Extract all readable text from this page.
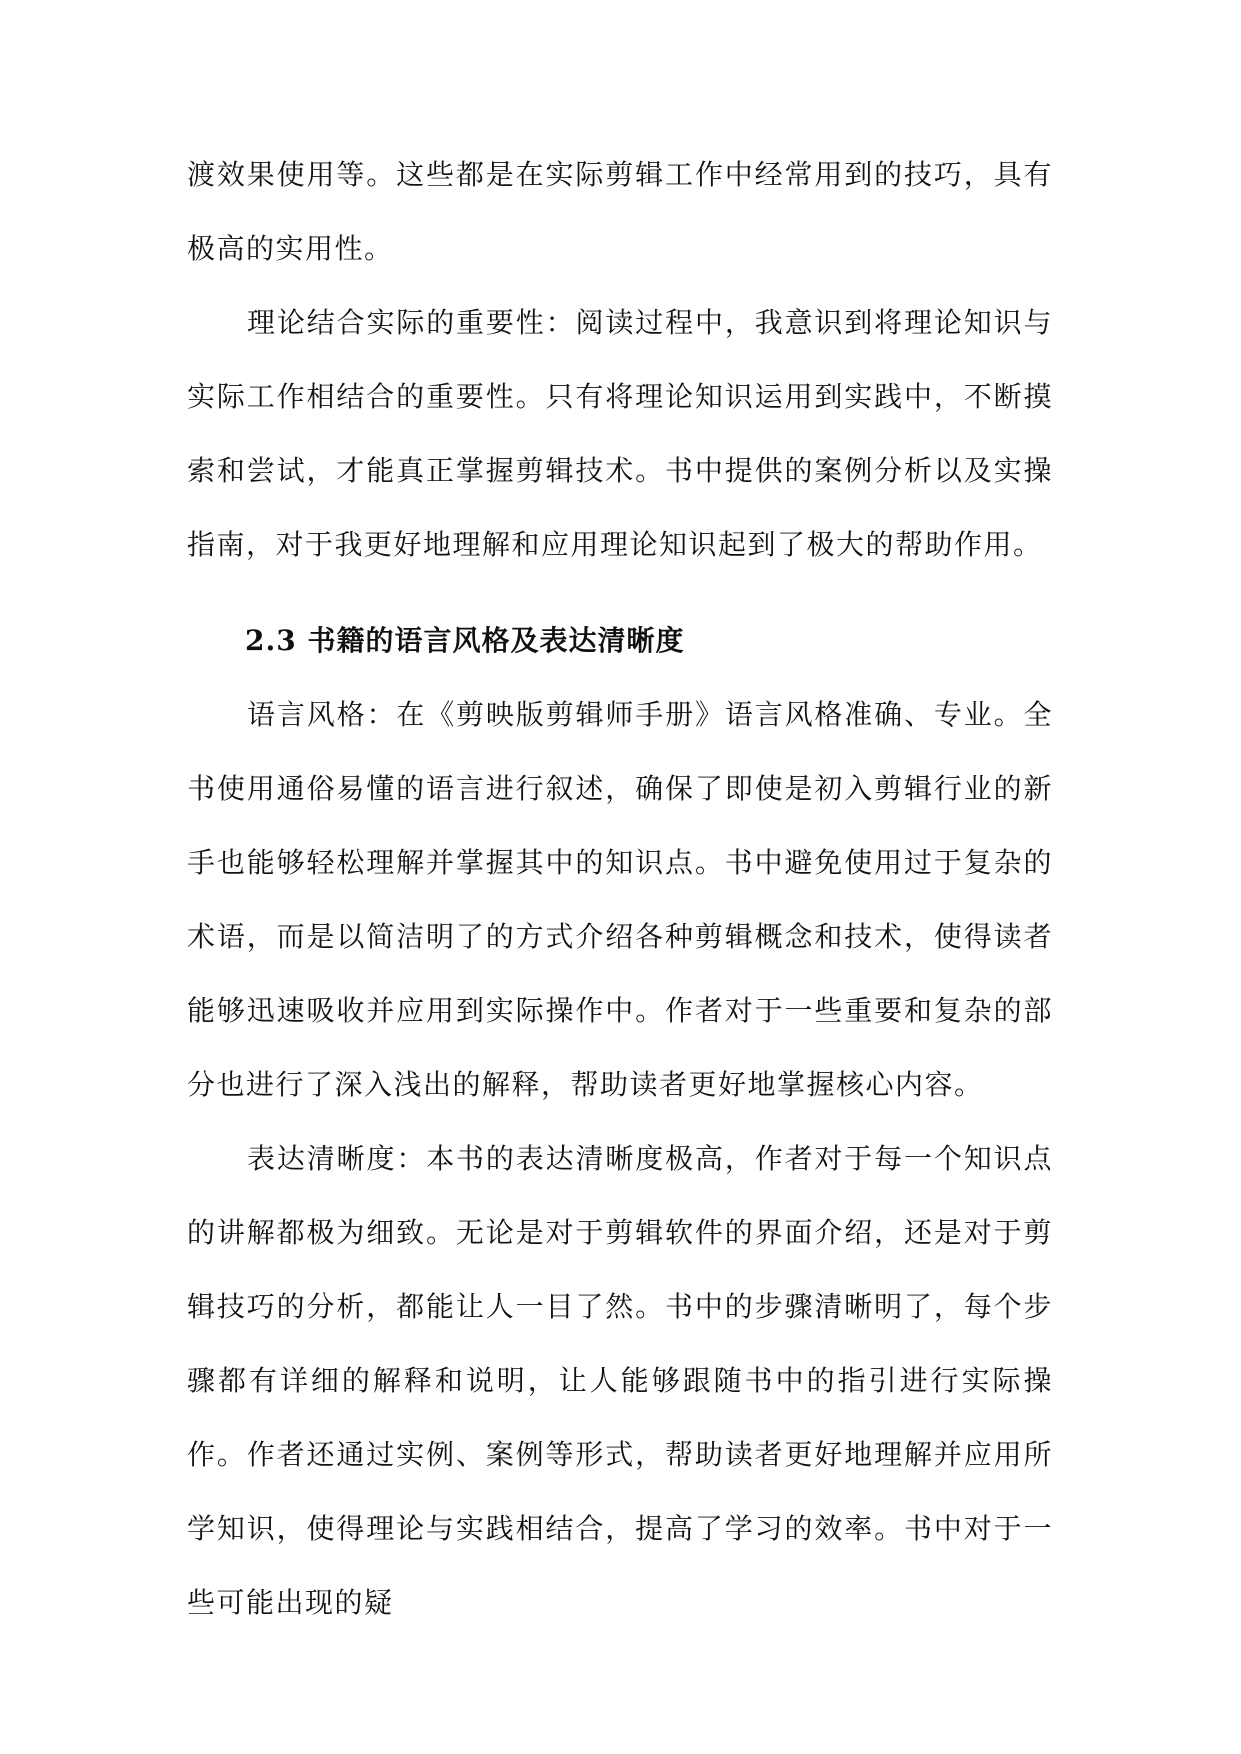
渡效果使用等。这些都是在实际剪辑工作中经常用到的技巧，具有极高的实用性。

理论结合实际的重要性：阅读过程中，我意识到将理论知识与实际工作相结合的重要性。只有将理论知识运用到实践中，不断摸索和尝试，才能真正掌握剪辑技术。书中提供的案例分析以及实操指南，对于我更好地理解和应用理论知识起到了极大的帮助作用。

2.3 书籍的语言风格及表达清晰度

语言风格：在《剪映版剪辑师手册》语言风格准确、专业。全书使用通俗易懂的语言进行叙述，确保了即使是初入剪辑行业的新手也能够轻松理解并掌握其中的知识点。书中避免使用过于复杂的术语，而是以简洁明了的方式介绍各种剪辑概念和技术，使得读者能够迅速吸收并应用到实际操作中。作者对于一些重要和复杂的部分也进行了深入浅出的解释，帮助读者更好地掌握核心内容。

表达清晰度：本书的表达清晰度极高，作者对于每一个知识点的讲解都极为细致。无论是对于剪辑软件的界面介绍，还是对于剪辑技巧的分析，都能让人一目了然。书中的步骤清晰明了，每个步骤都有详细的解释和说明，让人能够跟随书中的指引进行实际操作。作者还通过实例、案例等形式，帮助读者更好地理解并应用所学知识，使得理论与实践相结合，提高了学习的效率。书中对于一些可能出现的疑
